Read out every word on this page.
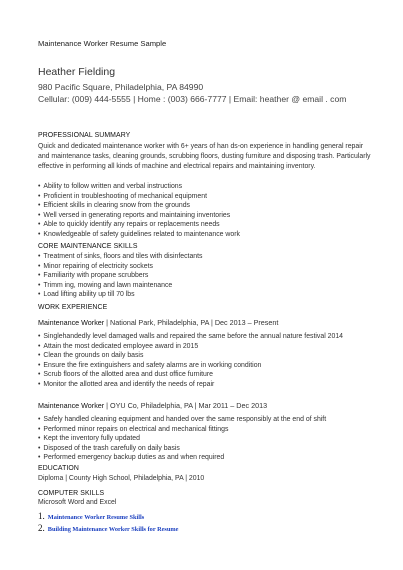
Maintenance Worker Resume Sample
Heather Fielding
980 Pacific Square, Philadelphia, PA 84990
Cellular: (009) 444-5555 | Home : (003) 666-7777 | Email: heather @ email . com
PROFESSIONAL SUMMARY
Quick and dedicated maintenance worker with 6+ years of han ds-on experience in handling general repair and maintenance tasks, cleaning grounds, scrubbing floors, dusting furniture and disposing trash. Particularly effective in performing all kinds of machine and electrical repairs and maintaining inventory.
• Ability to follow written and verbal instructions
• Proficient in troubleshooting of mechanical equipment
• Efficient skills in clearing snow from the grounds
• Well versed in generating reports and maintaining inventories
• Able to quickly identify any repairs or replacements needs
• Knowledgeable of safety guidelines related to maintenance work
CORE MAINTENANCE SKILLS
• Treatment of sinks, floors and tiles with disinfectants
• Minor repairing of electricity sockets
• Familiarity with propane scrubbers
• Trimm ing, mowing and lawn maintenance
• Load lifting ability up till 70 lbs
WORK EXPERIENCE
Maintenance Worker | National Park, Philadelphia, PA | Dec 2013 – Present
• Singlehandedly level damaged walls and repaired the same before the annual nature festival 2014
• Attain the most dedicated employee award in 2015
• Clean the grounds on daily basis
• Ensure the fire extinguishers and safety alarms are in working condition
• Scrub floors of the allotted area and dust office furniture
• Monitor the allotted area and identify the needs of repair
Maintenance Worker | OYU Co, Philadelphia, PA | Mar 2011 – Dec 2013
• Safely handled cleaning equipment and handed over the same responsibly at the end of shift
• Performed minor repairs on electrical and mechanical fittings
• Kept the inventory fully updated
• Disposed of the trash carefully on daily basis
• Performed emergency backup duties as and when required
EDUCATION
Diploma | County High School, Philadelphia, PA | 2010
COMPUTER SKILLS
Microsoft Word and Excel
1. Maintenance Worker Resume Skills
2. Building Maintenance Worker Skills for Resume
